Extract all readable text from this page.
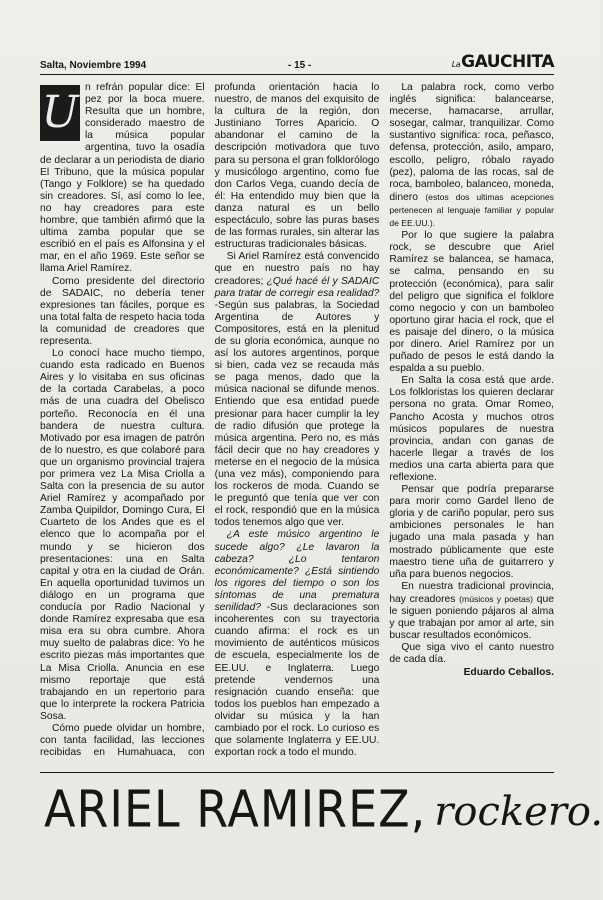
Salta, Noviembre 1994	- 15 -	LaGAUCHITA

U n refrán popular dice: El pez por la boca muere. Resulta que un hombre, considerado maestro de la música popular argentina, tuvo la osadía de declarar a un periodista de diario El Tribuno, que la música popular (Tango y Folklore) se ha quedado sin creadores. Sí, así como lo lee, no hay creadores para este hombre, que también afirmó que la ultima zamba popular que se escribió en el país es Alfonsina y el mar, en el año 1969. Este señor se llama Ariel Ramírez.

Como presidente del directorio de SADAIC, no debería tener expresiones tan fáciles, porque es una total falta de respeto hacia toda la comunidad de creadores que representa.

Lo conocí hace mucho tiempo, cuando esta radicado en Buenos Aires y lo visitaba en sus oficinas de la cortada Carabelas, a poco más de una cuadra del Obelisco porteño. Reconocía en él una bandera de nuestra cultura. Motivado por esa imagen de patrón de lo nuestro, es que colaboré para que un organismo provincial trajera por primera vez La Misa Criolla a Salta con la presencia de su autor Ariel Ramírez y acompañado por Zamba Quipildor, Domingo Cura, El Cuarteto de los Andes que es el elenco que lo acompaña por el mundo y se hicieron dos presentaciones: una en Salta capital y otra en la ciudad de Orán. En aquella oportunidad tuvimos un diálogo en un programa que conducía por Radio Nacional y donde Ramírez expresaba que esa misa era su obra cumbre. Ahora muy suelto de palabras dice: Yo he escrito piezas más importantes que La Misa Criolla. Anuncia en ese mismo reportaje que está trabajando en un repertorio para que lo interprete la rockera Patricia Sosa.

Cómo puede olvidar un hombre, con tanta facilidad, las lecciones recibidas en Humahuaca, con profunda orientación hacia lo nuestro, de manos del exquisito de la cultura de la región, don Justiniano Torres Aparicio. O abandonar el camino de la descripción motivadora que tuvo para su persona el gran folklorólogo y musicólogo argentino, como fue don Carlos Vega, cuando decía de él: Ha entendido muy bien que la danza natural es un bello espectáculo, sobre las puras bases de las formas rurales, sin alterar las estructuras tradicionales básicas.

Si Ariel Ramírez está convencido que en nuestro país no hay creadores; ¿Qué hacé él y SADAIC para tratar de corregir esa realidad? -Según sus palabras, la Sociedad Argentina de Autores y Compositores, está en la plenitud de su gloria económica, aunque no así los autores argentinos, porque si bien, cada vez se recauda más se paga menos, dado que la música nacional se difunde menos. Entiendo que esa entidad puede presionar para hacer cumplir la ley de radio difusión que protege la música argentina. Pero no, es más fácil decir que no hay creadores y meterse en el negocio de la música (una vez más), componiendo para los rockeros de moda. Cuando se le preguntó que tenía que ver con el rock, respondió que en la música todos tenemos algo que ver.

¿A este músico argentino le sucede algo? ¿Le lavaron la cabeza? ¿Lo tentaron económicamente? ¿Está sintiendo los rigores del tiempo o son los síntomas de una prematura senilidad? -Sus declaraciones son incoherentes con su trayectoria cuando afirma: el rock es un movimiento de auténticos músicos de escuela, especialmente los de EE.UU. e Inglaterra. Luego pretende vendernos una resignación cuando enseña: que todos los pueblos han empezado a olvidar su música y la han cambiado por el rock. Lo curioso es que solamente Inglaterra y EE.UU. exportan rock a todo el mundo.

La palabra rock, como verbo inglés significa: balancearse, mecerse, hamacarse, arrullar, sosegar, calmar, tranquilizar. Como sustantivo significa: roca, peñasco, defensa, protección, asilo, amparo, escollo, peligro, róbalo rayado (pez), paloma de las rocas, sal de roca, bamboleo, balanceo, moneda, dinero (estos dos ultimas acepciones pertenecen al lenguaje familiar y popular de EE.UU.).

Por lo que sugiere la palabra rock, se descubre que Ariel Ramírez se balancea, se hamaca, se calma, pensando en su protección (económica), para salir del peligro que significa el folklore como negocio y con un bamboleo oportuno girar hacia el rock, que el es paisaje del dinero, o la música por dinero. Ariel Ramírez por un puñado de pesos le está dando la espalda a su pueblo.

En Salta la cosa está que arde. Los folkloristas los quieren declarar persona no grata. Omar Romeo, Pancho Acosta y muchos otros músicos populares de nuestra provincia, andan con ganas de hacerle llegar a través de los medios una carta abierta para que reflexione.

Pensar que podría prepararse para morir como Gardel lleno de gloria y de cariño popular, pero sus ambiciones personales le han jugado una mala pasada y han mostrado públicamente que este maestro tiene uña de guitarrero y uña para buenos negocios.

En nuestra tradicional provincia, hay creadores (músicos y poetas) que le siguen poniendo pájaros al alma y que trabajan por amor al arte, sin buscar resultados económicos.

Que siga vivo el canto nuestro de cada día.

Eduardo Ceballos.

ARIEL RAMIREZ, rockero.
